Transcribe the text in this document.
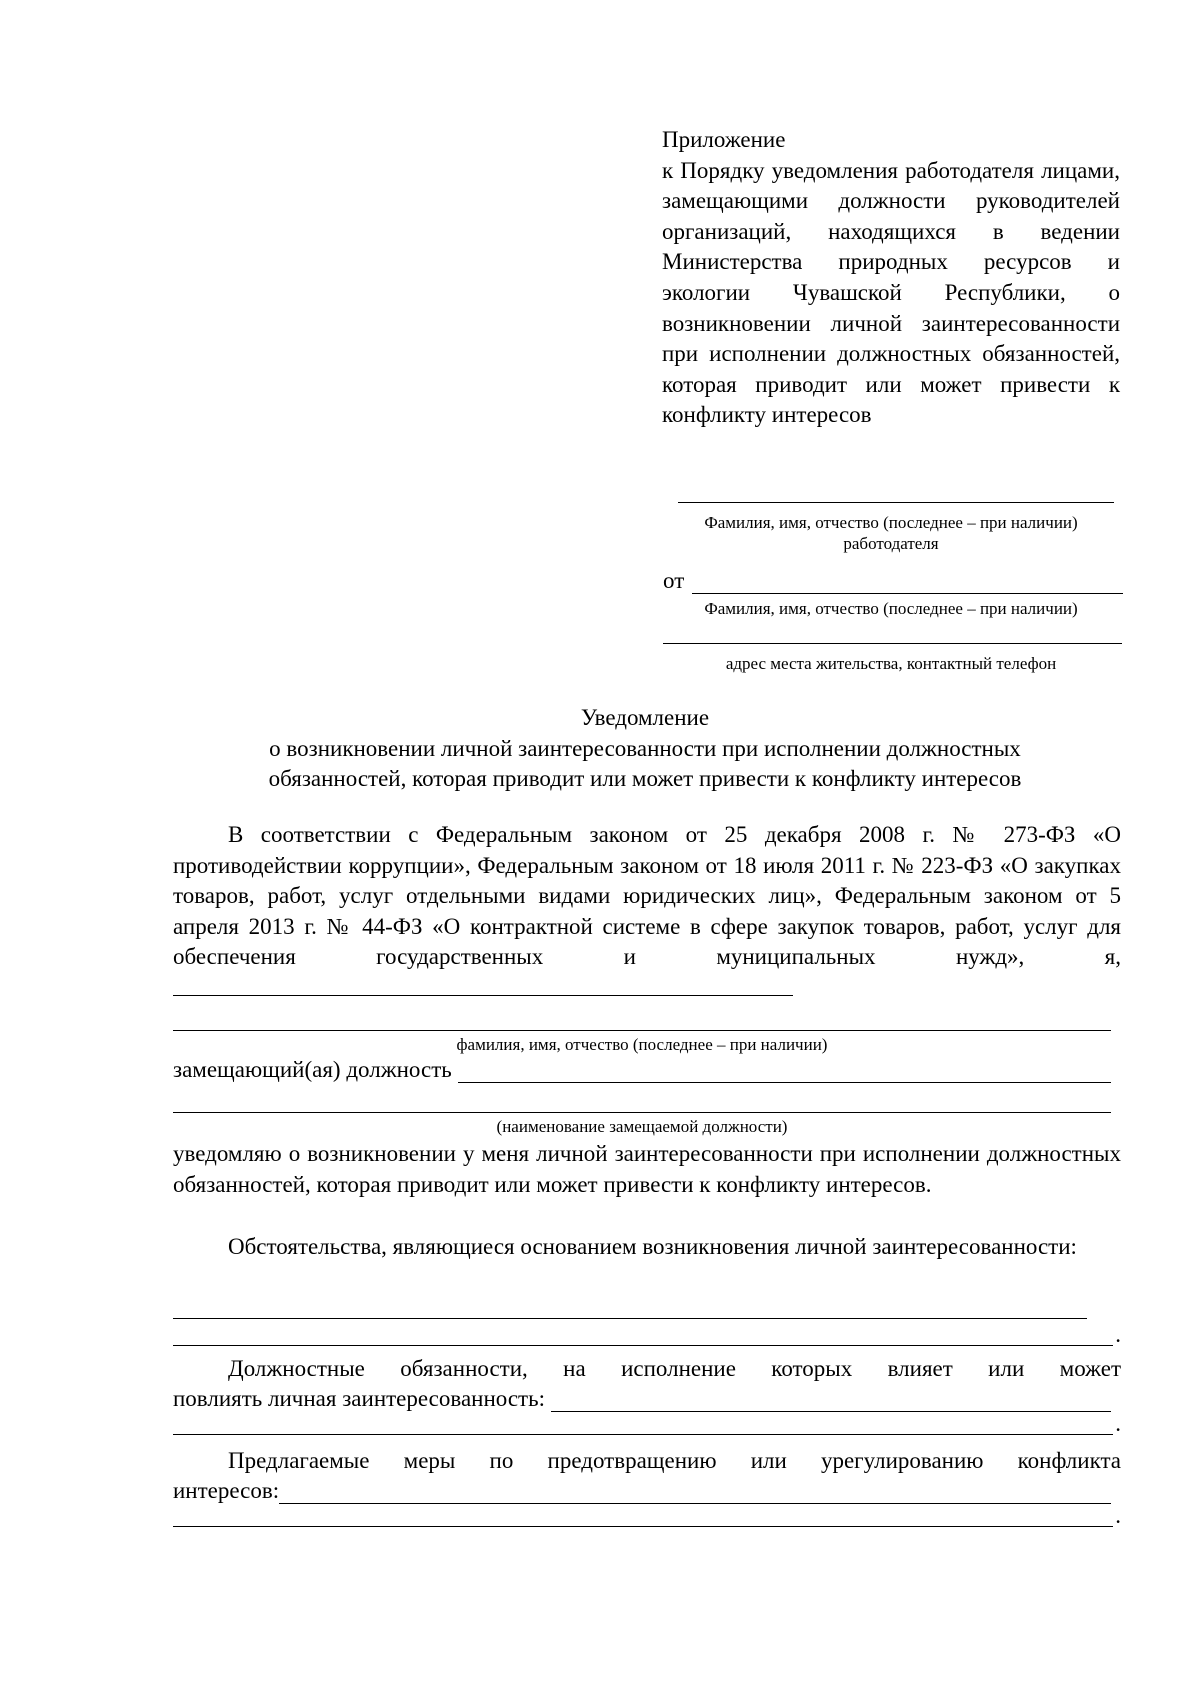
Приложение
к Порядку уведомления работодателя лицами, замещающими должности руководителей организаций, находящихся в ведении Министерства природных ресурсов и экологии Чувашской Республики, о возникновении личной заинтересованности при исполнении должностных обязанностей, которая приводит или может привести к конфликту интересов
Фамилия, имя, отчество (последнее – при наличии)
работодателя
от
Фамилия, имя, отчество (последнее – при наличии)
адрес места жительства, контактный телефон
Уведомление
о возникновении личной заинтересованности при исполнении должностных
обязанностей, которая приводит или может привести к конфликту интересов
В соответствии с Федеральным законом от 25 декабря 2008 г. № 273-ФЗ «О противодействии коррупции», Федеральным законом от 18 июля 2011 г. № 223-ФЗ «О закупках товаров, работ, услуг отдельными видами юридических лиц», Федеральным законом от 5 апреля 2013 г. № 44-ФЗ «О контрактной системе в сфере закупок товаров, работ, услуг для обеспечения государственных и муниципальных нужд», я,
фамилия, имя, отчество (последнее – при наличии)
замещающий(ая) должность
(наименование замещаемой должности)
уведомляю о возникновении у меня личной заинтересованности при исполнении должностных обязанностей, которая приводит или может привести к конфликту интересов.
Обстоятельства, являющиеся основанием возникновения личной заинтересованности:
.
Должностные обязанности, на исполнение которых влияет или может
повлиять личная заинтересованность:
.
Предлагаемые меры по предотвращению или урегулированию конфликта
интересов:
.
